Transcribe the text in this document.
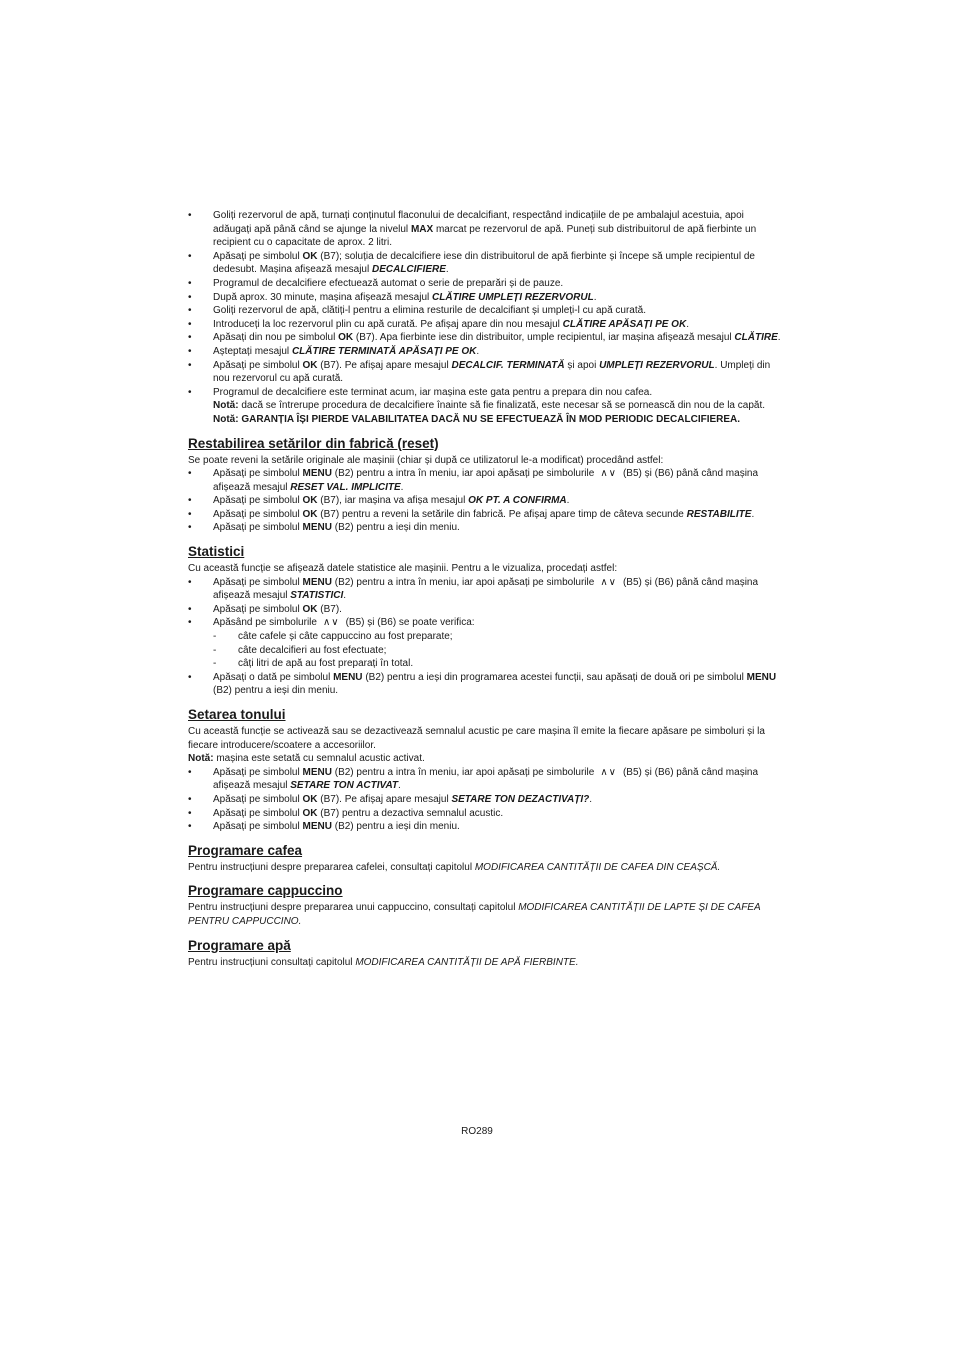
• Goliți rezervorul de apă, turnați conținutul flaconului de decalcifiant, respectând indicațiile de pe ambalajul acestuia, apoi adăugați apă până când se ajunge la nivelul MAX marcat pe rezervorul de apă. Puneți sub distribuitorul de apă fierbinte un recipient cu o capacitate de aprox. 2 litri.
• Apăsați pe simbolul OK (B7); soluția de decalcifiere iese din distribuitorul de apă fierbinte și începe să umple recipientul de dedesubt. Mașina afișează mesajul DECALCIFIERE.
• Programul de decalcifiere efectuează automat o serie de preparări și de pauze.
• După aprox. 30 minute, mașina afișează mesajul CLĂTIRE UMPLEȚI REZERVORUL.
• Goliți rezervorul de apă, clătiți-l pentru a elimina resturile de decalcifiant și umpleți-l cu apă curată.
• Introduceți la loc rezervorul plin cu apă curată. Pe afișaj apare din nou mesajul CLĂTIRE APĂSAȚI PE OK.
• Apăsați din nou pe simbolul OK (B7). Apa fierbinte iese din distribuitor, umple recipientul, iar mașina afișează mesajul CLĂTIRE.
• Așteptați mesajul CLĂTIRE TERMINATĂ APĂSAȚI PE OK.
• Apăsați pe simbolul OK (B7). Pe afișaj apare mesajul DECALCIF. TERMINATĂ și apoi UMPLEȚI REZERVORUL. Umpleți din nou rezervorul cu apă curată.
• Programul de decalcifiere este terminat acum, iar mașina este gata pentru a prepara din nou cafea.
Notă: dacă se întrerupe procedura de decalcifiere înainte să fie finalizată, este necesar să se pornească din nou de la capăt.
Notă: GARANȚIA ÎȘI PIERDE VALABILITATEA DACĂ NU SE EFECTUEAZĂ ÎN MOD PERIODIC DECALCIFIEREA.
Restabilirea setărilor din fabrică (reset)

Se poate reveni la setările originale ale mașinii (chiar și după ce utilizatorul le-a modificat) procedând astfel:

• Apăsați pe simbolul MENU (B2) pentru a intra în meniu, iar apoi apăsați pe simbolurile ∧∨ (B5) și (B6) până când mașina afișează mesajul RESET VAL. IMPLICITE.
• Apăsați pe simbolul OK (B7), iar mașina va afișa mesajul OK PT. A CONFIRMA.
• Apăsați pe simbolul OK (B7) pentru a reveni la setările din fabrică. Pe afișaj apare timp de câteva secunde RESTABILITE.
• Apăsați pe simbolul MENU (B2) pentru a ieși din meniu.
Statistici

Cu această funcție se afișează datele statistice ale mașinii. Pentru a le vizualiza, procedați astfel:

• Apăsați pe simbolul MENU (B2) pentru a intra în meniu, iar apoi apăsați pe simbolurile ∧∨ (B5) și (B6) până când mașina afișează mesajul STATISTICI.
• Apăsați pe simbolul OK (B7).
• Apăsând pe simbolurile ∧∨ (B5) și (B6) se poate verifica:
- câte cafele și câte cappuccino au fost preparate;
- câte decalcifieri au fost efectuate;
- câți litri de apă au fost preparați în total.
• Apăsați o dată pe simbolul MENU (B2) pentru a ieși din programarea acestei funcții, sau apăsați de două ori pe simbolul MENU (B2) pentru a ieși din meniu.
Setarea tonului

Cu această funcție se activează sau se dezactivează semnalul acustic pe care mașina îl emite la fiecare apăsare pe simboluri și la fiecare introducere/scoatere a accesoriilor.

Notă: mașina este setată cu semnalul acustic activat.

• Apăsați pe simbolul MENU (B2) pentru a intra în meniu, iar apoi apăsați pe simbolurile ∧∨ (B5) și (B6) până când mașina afișează mesajul SETARE TON ACTIVAT.
• Apăsați pe simbolul OK (B7). Pe afișaj apare mesajul SETARE TON DEZACTIVAȚI?.
• Apăsați pe simbolul OK (B7) pentru a dezactiva semnalul acustic.
• Apăsați pe simbolul MENU (B2) pentru a ieși din meniu.
Programare cafea

Pentru instrucțiuni despre prepararea cafelei, consultați capitolul MODIFICAREA CANTITĂȚII DE CAFEA DIN CEAȘCĂ.

Programare cappuccino

Pentru instrucțiuni despre prepararea unui cappuccino, consultați capitolul MODIFICAREA CANTITĂȚII DE LAPTE ȘI DE CAFEA PENTRU CAPPUCCINO.

Programare apă

Pentru instrucțiuni consultați capitolul MODIFICAREA CANTITĂȚII DE APĂ FIERBINTE.

RO289
